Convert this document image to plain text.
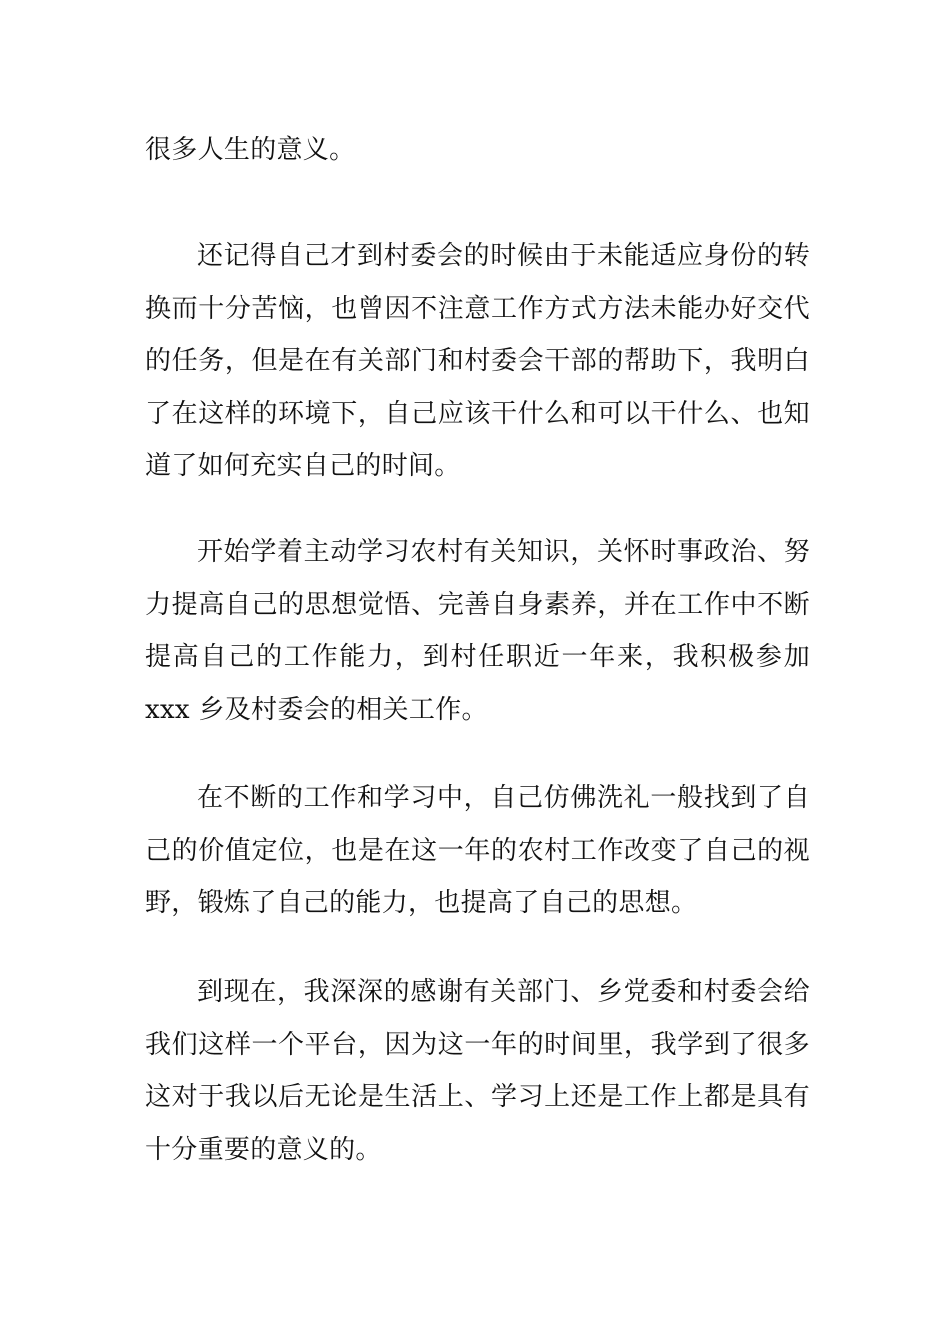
很多人生的意义。

还记得自己才到村委会的时候由于未能适应身份的转换而十分苦恼，也曾因不注意工作方式方法未能办好交代的任务，但是在有关部门和村委会干部的帮助下，我明白了在这样的环境下，自己应该干什么和可以干什么、也知道了如何充实自己的时间。

开始学着主动学习农村有关知识，关怀时事政治、努力提高自己的思想觉悟、完善自身素养，并在工作中不断提高自己的工作能力，到村任职近一年来，我积极参加 xxx 乡及村委会的相关工作。

在不断的工作和学习中，自己仿佛洗礼一般找到了自己的价值定位，也是在这一年的农村工作改变了自己的视野，锻炼了自己的能力，也提高了自己的思想。

到现在，我深深的感谢有关部门、乡党委和村委会给我们这样一个平台，因为这一年的时间里，我学到了很多这对于我以后无论是生活上、学习上还是工作上都是具有十分重要的意义的。
